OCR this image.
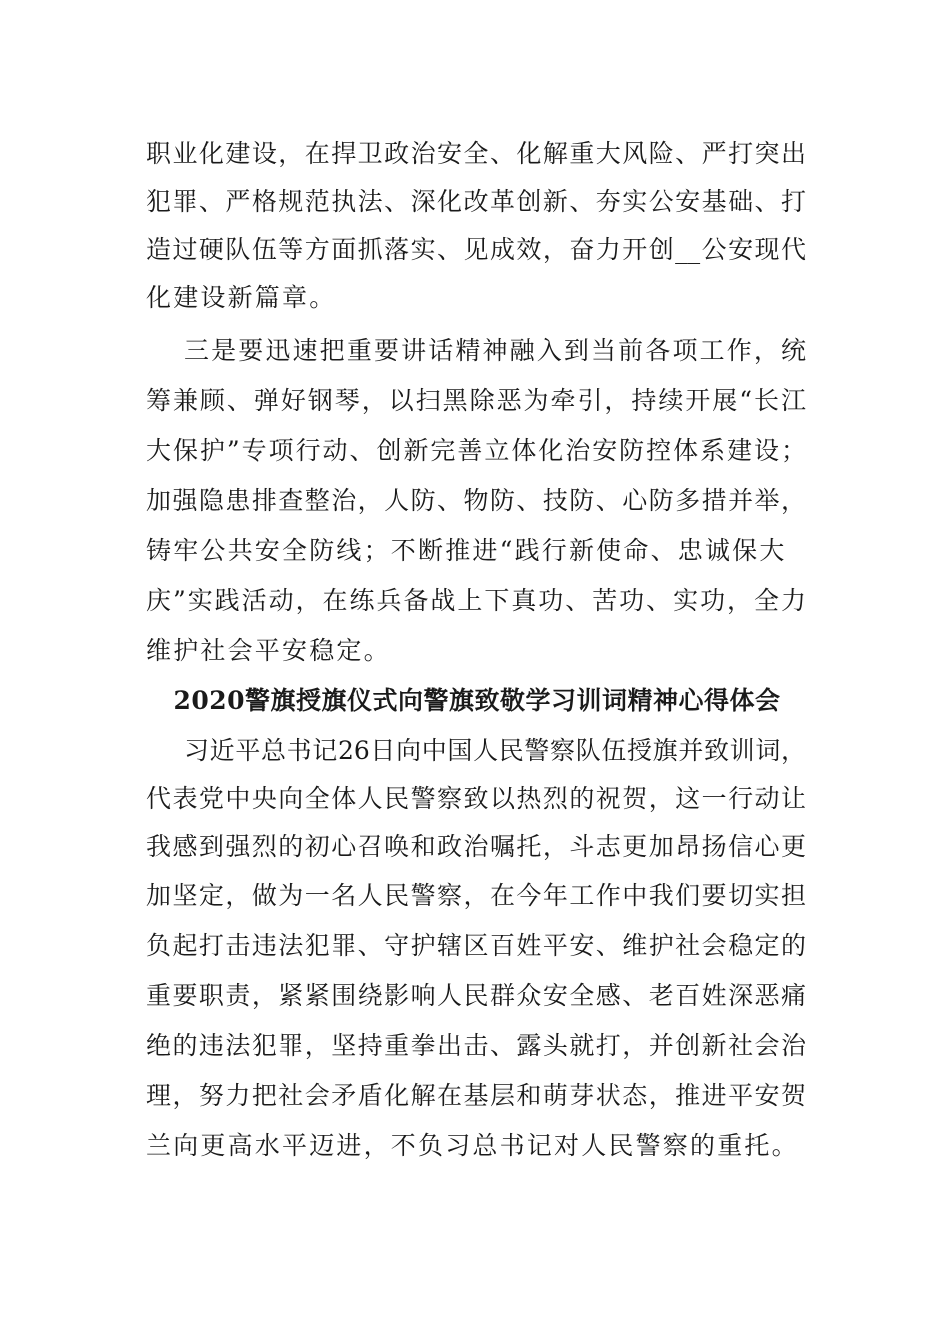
职业化建设，在捍卫政治安全、化解重大风险、严打突出
犯罪、严格规范执法、深化改革创新、夯实公安基础、打
造过硬队伍等方面抓落实、见成效，奋力开创__公安现代
化建设新篇章。
三是要迅速把重要讲话精神融入到当前各项工作，统
筹兼顾、弹好钢琴，以扫黑除恶为牵引，持续开展“长江
大保护”专项行动、创新完善立体化治安防控体系建设；
加强隐患排查整治，人防、物防、技防、心防多措并举，
铸牢公共安全防线；不断推进“践行新使命、忠诚保大
庆”实践活动，在练兵备战上下真功、苦功、实功，全力
维护社会平安稳定。
2020警旗授旗仪式向警旗致敬学习训词精神心得体会
习近平总书记26日向中国人民警察队伍授旗并致训词，
代表党中央向全体人民警察致以热烈的祝贺，这一行动让
我感到强烈的初心召唤和政治嘱托，斗志更加昂扬信心更
加坚定，做为一名人民警察，在今年工作中我们要切实担
负起打击违法犯罪、守护辖区百姓平安、维护社会稳定的
重要职责，紧紧围绕影响人民群众安全感、老百姓深恶痛
绝的违法犯罪，坚持重拳出击、露头就打，并创新社会治
理，努力把社会矛盾化解在基层和萌芽状态，推进平安贺
兰向更高水平迈进，不负习总书记对人民警察的重托。
